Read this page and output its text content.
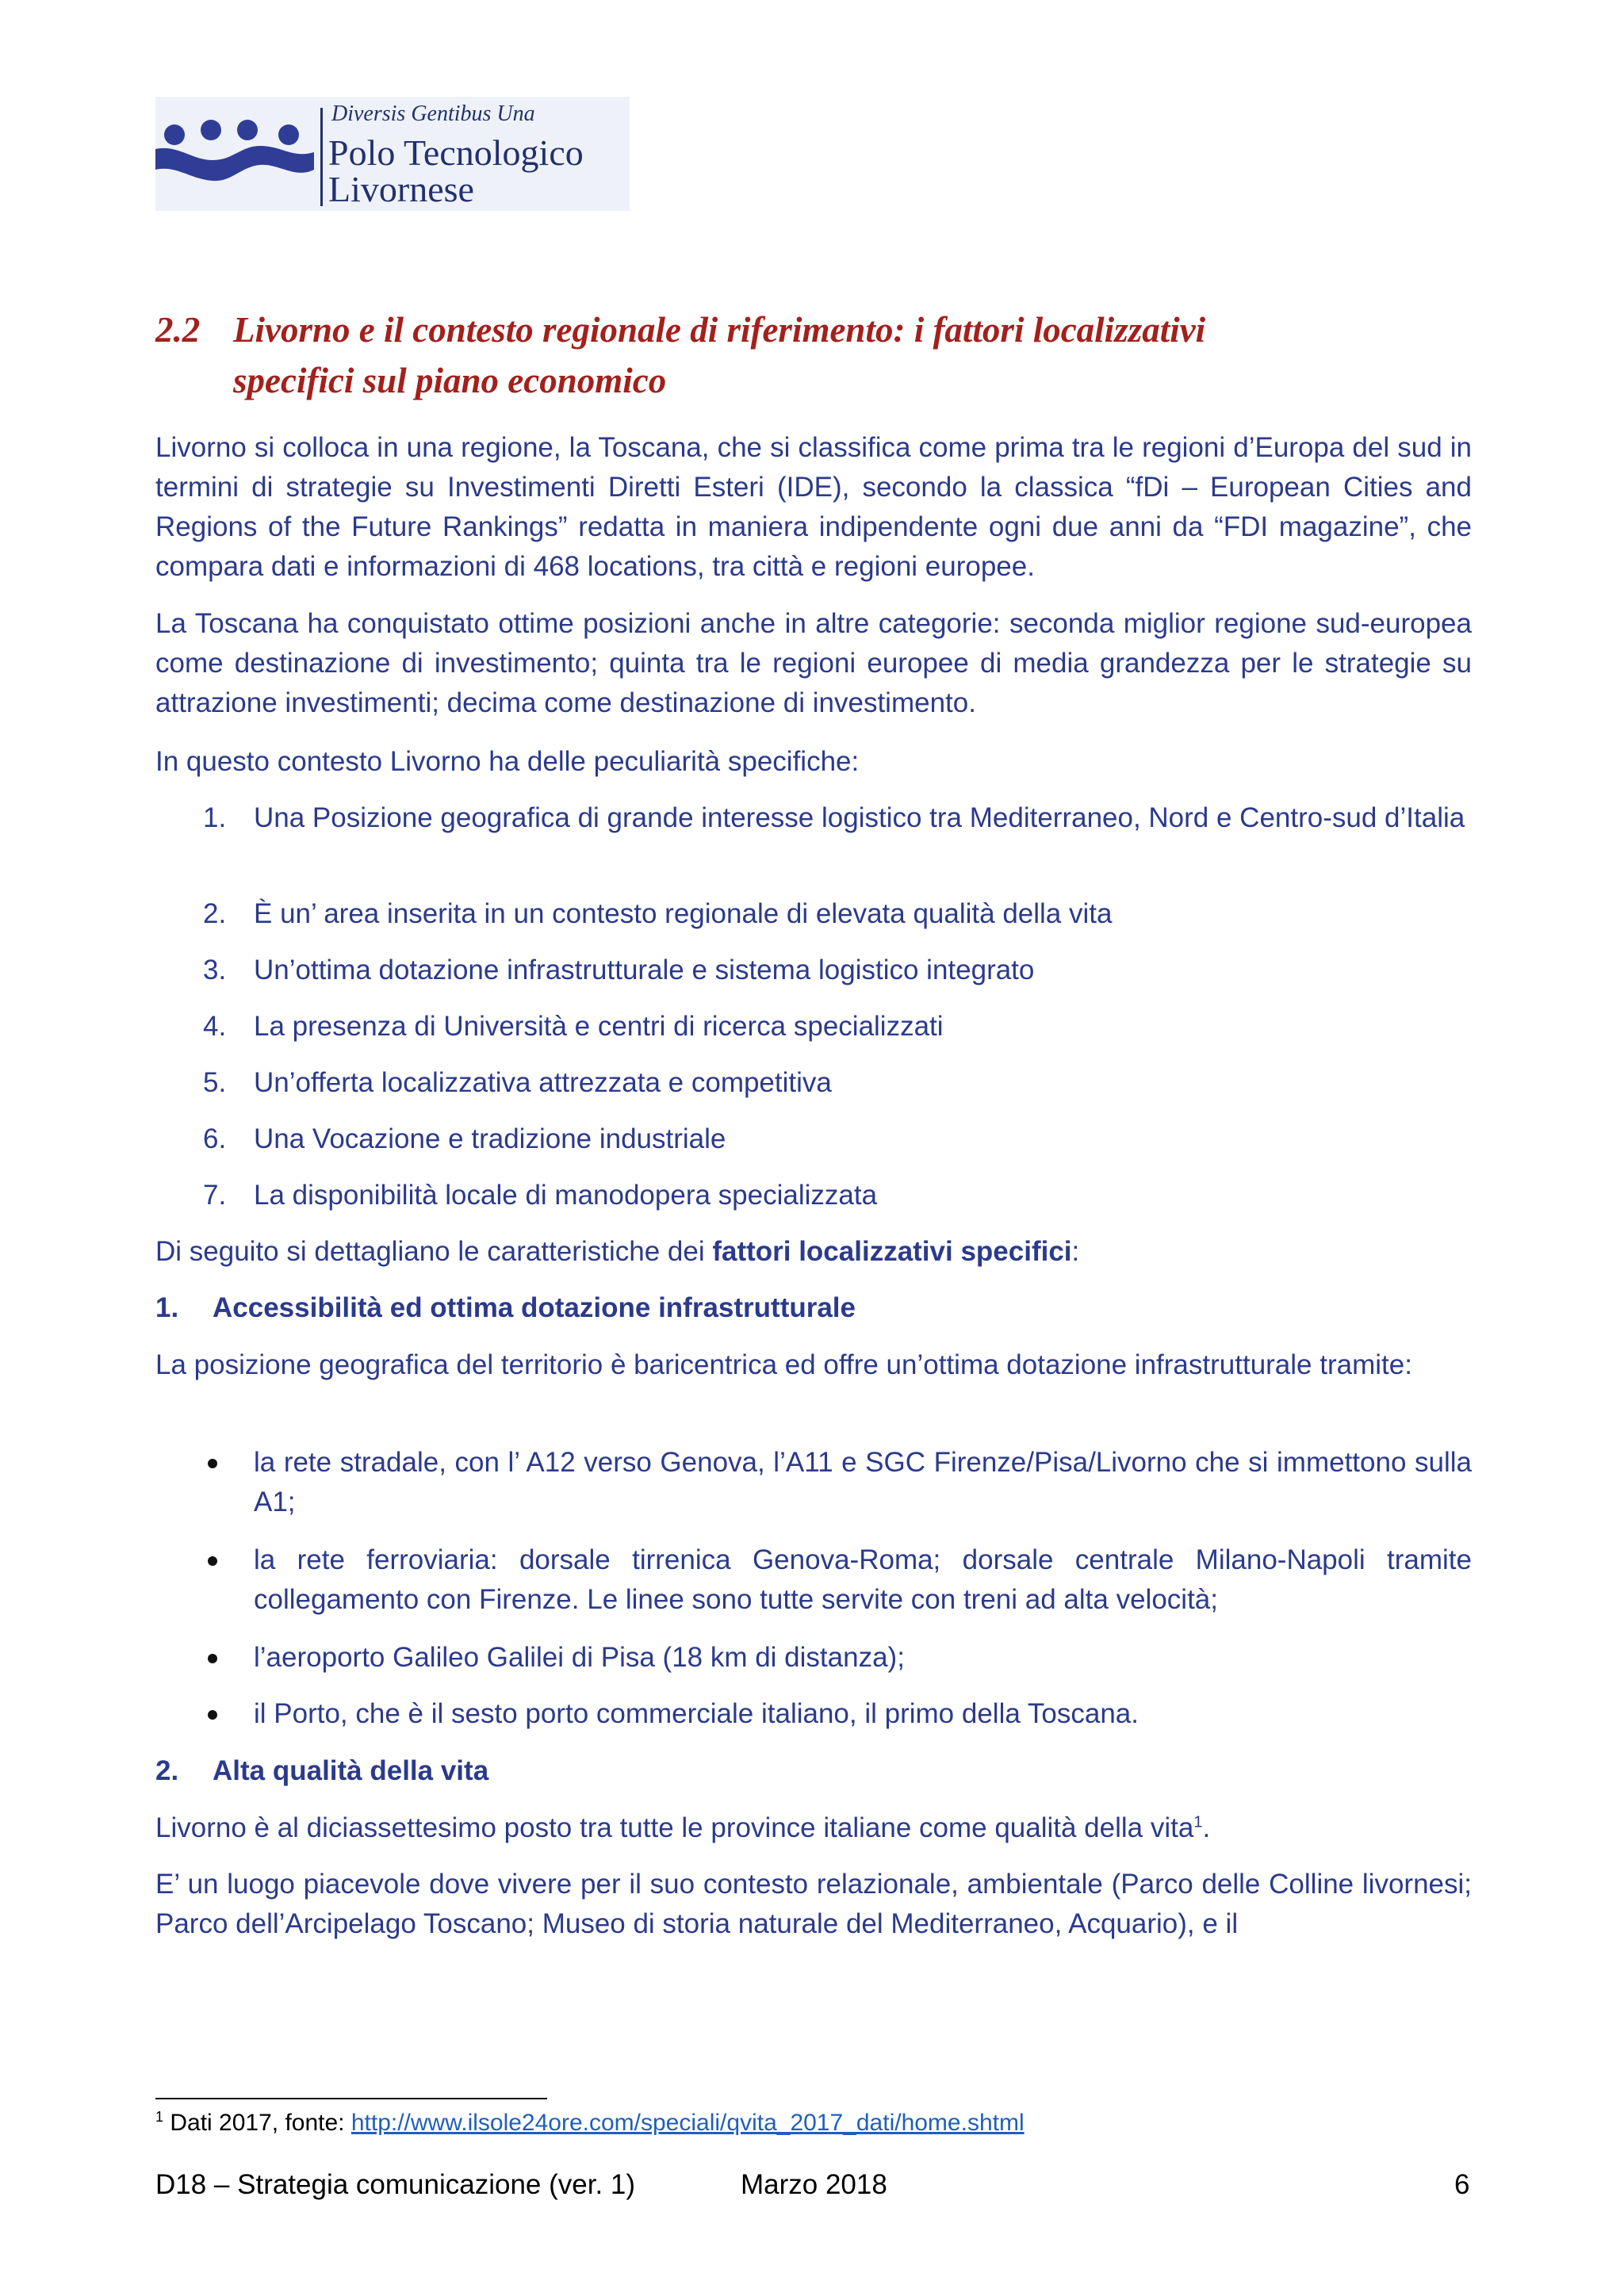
Diversis Gentibus Una
Polo Tecnologico
Livornese
2.2 Livorno e il contesto regionale di riferimento: i fattori localizzativi
specifici sul piano economico
Livorno si colloca in una regione, la Toscana, che si classifica come prima tra le regioni d’Europa del sud in termini di strategie su Investimenti Diretti Esteri (IDE), secondo la classica “fDi – European Cities and Regions of the Future Rankings” redatta in maniera indipendente ogni due anni da “FDI magazine”, che compara dati e informazioni di 468 locations, tra città e regioni europee.
La Toscana ha conquistato ottime posizioni anche in altre categorie: seconda miglior regione sud-europea come destinazione di investimento; quinta tra le regioni europee di media grandezza per le strategie su attrazione investimenti; decima come destinazione di investimento.
In questo contesto Livorno ha delle peculiarità specifiche:
1. Una Posizione geografica di grande interesse logistico tra Mediterraneo, Nord e Centro-sud d’Italia
2. È un’ area inserita in un contesto regionale di elevata qualità della vita
3. Un’ottima dotazione infrastrutturale e sistema logistico integrato
4. La presenza di Università e centri di ricerca specializzati
5. Un’offerta localizzativa attrezzata e competitiva
6. Una Vocazione e tradizione industriale
7. La disponibilità locale di manodopera specializzata
Di seguito si dettagliano le caratteristiche dei fattori localizzativi specifici:
1. Accessibilità ed ottima dotazione infrastrutturale
La posizione geografica del territorio è baricentrica ed offre un’ottima dotazione infrastrutturale tramite:
la rete stradale, con l’ A12 verso Genova, l’A11 e SGC Firenze/Pisa/Livorno che si immettono sulla A1;
la rete ferroviaria: dorsale tirrenica Genova-Roma; dorsale centrale Milano-Napoli tramite collegamento con Firenze. Le linee sono tutte servite con treni ad alta velocità;
l’aeroporto Galileo Galilei di Pisa (18 km di distanza);
il Porto, che è il sesto porto commerciale italiano, il primo della Toscana.
2. Alta qualità della vita
Livorno è al diciassettesimo posto tra tutte le province italiane come qualità della vita$^1$.
E’ un luogo piacevole dove vivere per il suo contesto relazionale, ambientale (Parco delle Colline livornesi; Parco dell’Arcipelago Toscano; Museo di storia naturale del Mediterraneo, Acquario), e il
$^1$ Dati 2017, fonte: http://www.ilsole24ore.com/speciali/qvita_2017_dati/home.shtml
D18 – Strategia comunicazione (ver. 1)	Marzo 2018	6
